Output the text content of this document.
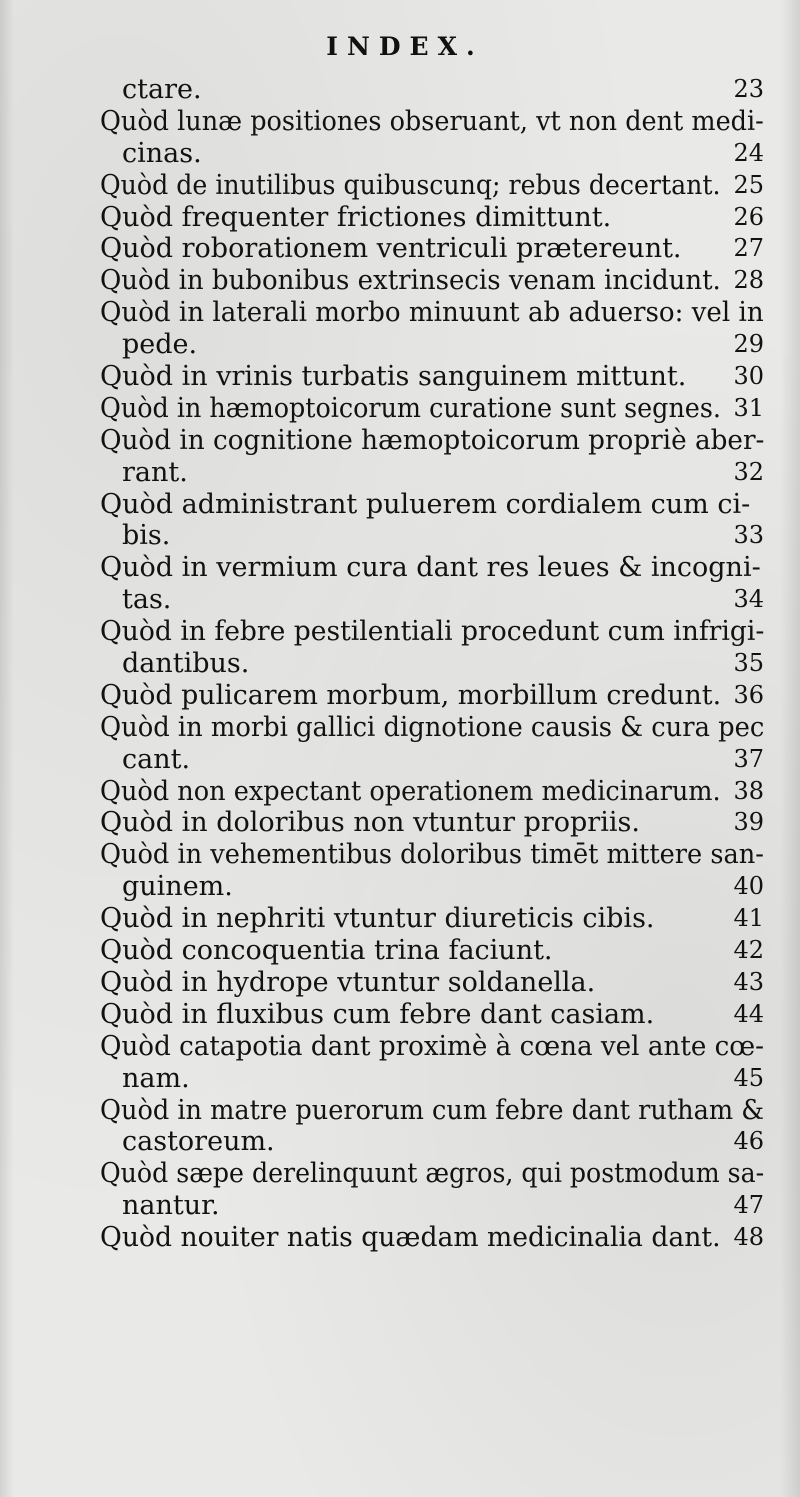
INDEX.
ctare.	23
Quòd lunæ positiones obseruant, vt non dent medi-
cinas.	24
Quòd de inutilibus quibuscunq; rebus decertant. 25
Quòd frequenter frictiones dimittunt.	26
Quòd roborationem ventriculi prætereunt. 27
Quòd in bubonibus extrinsecis venam incidunt. 28
Quòd in laterali morbo minuunt ab aduerso: vel in
pede.	29
Quòd in vrinis turbatis sanguinem mittunt. 30
Quòd in hæmoptoicorum curatione sunt segnes. 31
Quòd in cognitione hæmoptoicorum propriè aber-
rant.	32
Quòd administrant puluerem cordialem cum ci-
bis.	33
Quòd in vermium cura dant res leues & incogni-
tas.	34
Quòd in febre pestilentiali procedunt cum infrigi-
dantibus.	35
Quòd pulicarem morbum, morbillum credunt. 36
Quòd in morbi gallici dignotione causis & cura pec
cant.	37
Quòd non expectant operationem medicinarum. 38
Quòd in doloribus non vtuntur propriis.	39
Quòd in vehementibus doloribus timēt mittere san-
guinem.	40
Quòd in nephriti vtuntur diureticis cibis.	41
Quòd concoquentia trina faciunt.	42
Quòd in hydrope vtuntur soldanella.	43
Quòd in fluxibus cum febre dant casiam.	44
Quòd catapotia dant proximè à cœna vel ante cœ-
nam.	45
Quòd in matre puerorum cum febre dant rutham &
castoreum.	46
Quòd sæpe derelinquunt ægros, qui postmodum sa-
nantur.	47
Quòd nouiter natis quædam medicinalia dant. 48
